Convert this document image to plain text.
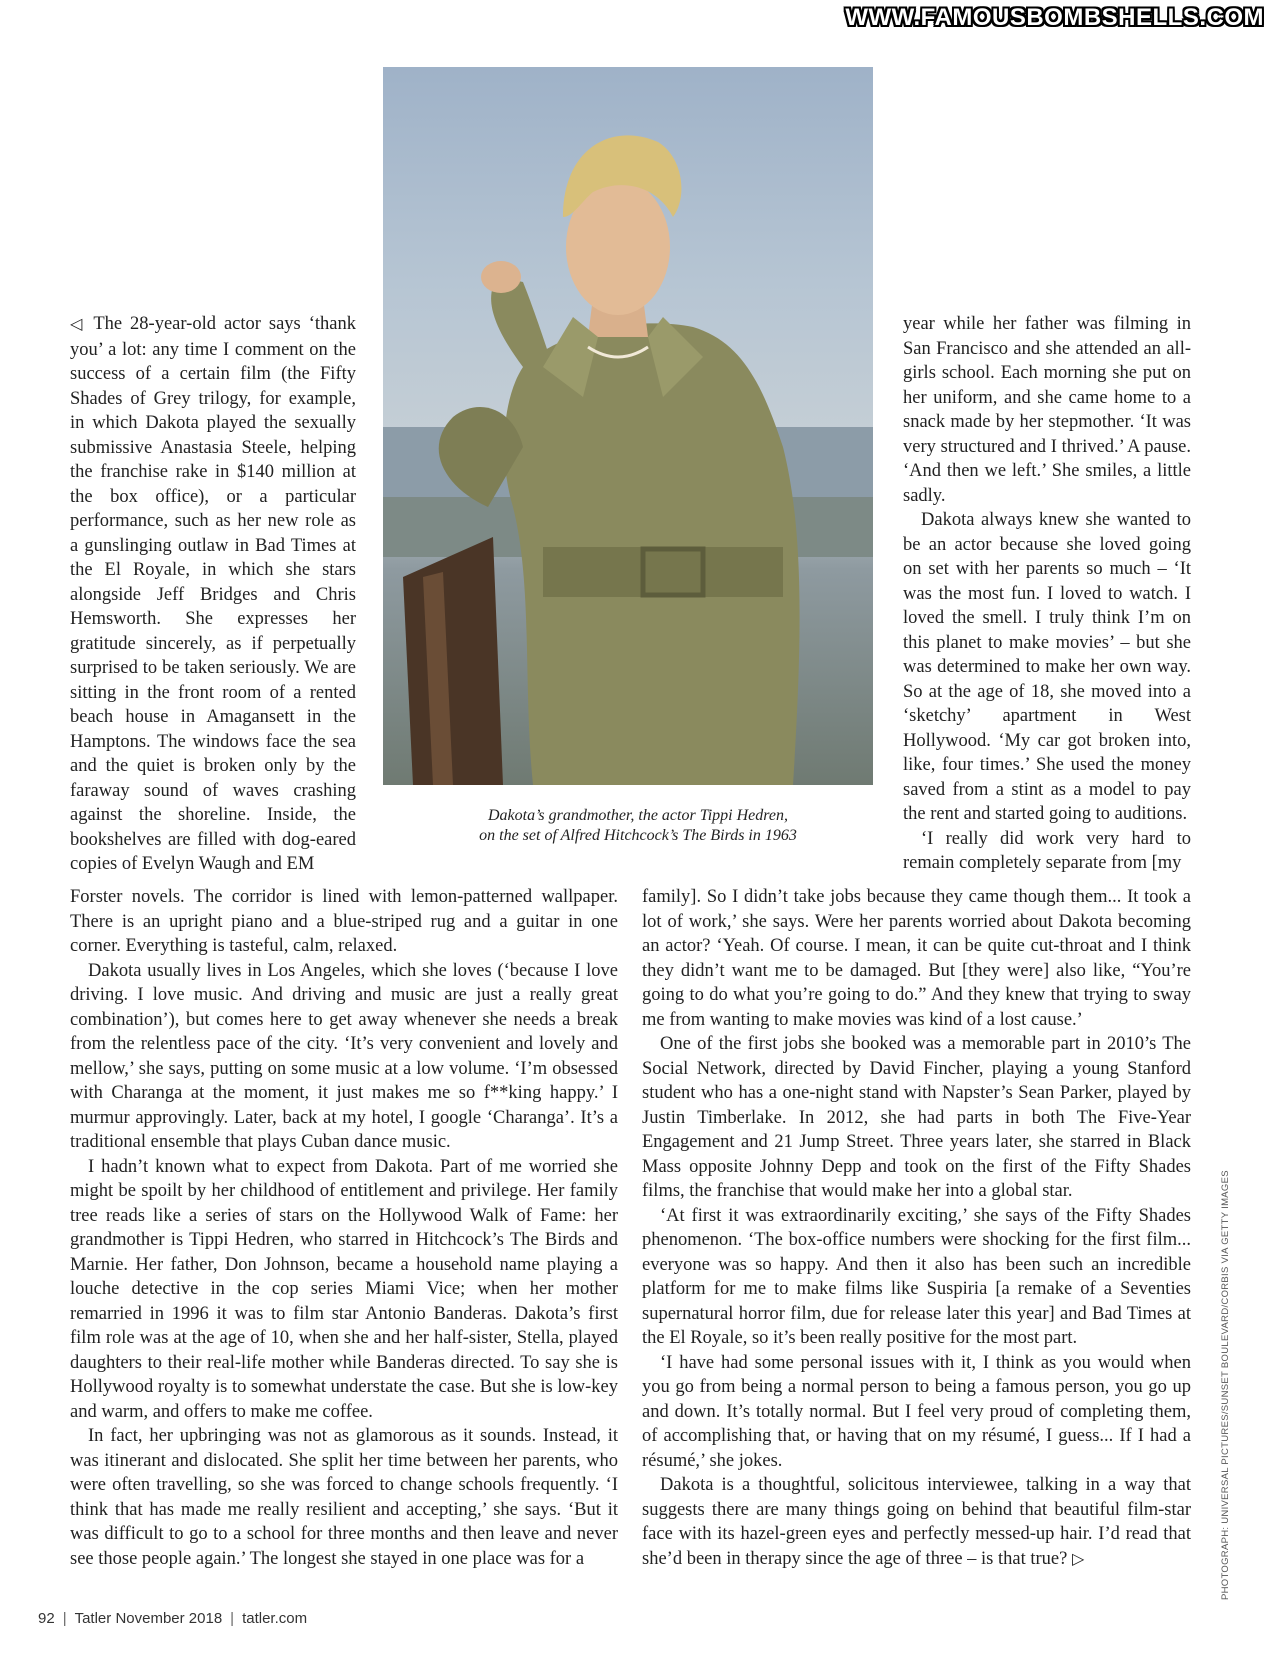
WWW.FAMOUSBOMBSHELLS.COM
Dakota’s grandmother, the actor Tippi Hedren,
on the set of Alfred Hitchcock’s The Birds in 1963

◁ The 28-year-old actor says ‘thank you’ a lot: any time I comment on the success of a certain film (the Fifty Shades of Grey trilogy, for example, in which Dakota played the sexually submissive Anastasia Steele, helping the franchise rake in $140 million at the box office), or a particular performance, such as her new role as a gunslinging outlaw in Bad Times at the El Royale, in which she stars alongside Jeff Bridges and Chris Hemsworth. She expresses her gratitude sincerely, as if perpetually surprised to be taken seriously. We are sitting in the front room of a rented beach house in Amagansett in the Hamptons. The windows face the sea and the quiet is broken only by the faraway sound of waves crashing against the shoreline. Inside, the bookshelves are filled with dog-eared copies of Evelyn Waugh and EM

Forster novels. The corridor is lined with lemon-patterned wallpaper. There is an upright piano and a blue-striped rug and a guitar in one corner. Everything is tasteful, calm, relaxed.

Dakota usually lives in Los Angeles, which she loves (‘because I love driving. I love music. And driving and music are just a really great combination’), but comes here to get away whenever she needs a break from the relentless pace of the city. ‘It’s very convenient and lovely and mellow,’ she says, putting on some music at a low volume. ‘I’m obsessed with Charanga at the moment, it just makes me so f**king happy.’ I murmur approvingly. Later, back at my hotel, I google ‘Charanga’. It’s a traditional ensemble that plays Cuban dance music.

I hadn’t known what to expect from Dakota. Part of me worried she might be spoilt by her childhood of entitlement and privilege. Her family tree reads like a series of stars on the Hollywood Walk of Fame: her grandmother is Tippi Hedren, who starred in Hitchcock’s The Birds and Marnie. Her father, Don Johnson, became a household name playing a louche detective in the cop series Miami Vice; when her mother remarried in 1996 it was to film star Antonio Banderas. Dakota’s first film role was at the age of 10, when she and her half-sister, Stella, played daughters to their real-life mother while Banderas directed. To say she is Hollywood royalty is to somewhat understate the case. But she is low-key and warm, and offers to make me coffee.

In fact, her upbringing was not as glamorous as it sounds. Instead, it was itinerant and dislocated. She split her time between her parents, who were often travelling, so she was forced to change schools frequently. ‘I think that has made me really resilient and accepting,’ she says. ‘But it was difficult to go to a school for three months and then leave and never see those people again.’ The longest she stayed in one place was for a

year while her father was filming in San Francisco and she attended an all-girls school. Each morning she put on her uniform, and she came home to a snack made by her stepmother. ‘It was very structured and I thrived.’ A pause. ‘And then we left.’ She smiles, a little sadly.

Dakota always knew she wanted to be an actor because she loved going on set with her parents so much – ‘It was the most fun. I loved to watch. I loved the smell. I truly think I’m on this planet to make movies’ – but she was determined to make her own way. So at the age of 18, she moved into a ‘sketchy’ apartment in West Hollywood. ‘My car got broken into, like, four times.’ She used the money saved from a stint as a model to pay the rent and started going to auditions.

‘I really did work very hard to remain completely separate from [my

family]. So I didn’t take jobs because they came though them... It took a lot of work,’ she says. Were her parents worried about Dakota becoming an actor? ‘Yeah. Of course. I mean, it can be quite cut-throat and I think they didn’t want me to be damaged. But [they were] also like, “You’re going to do what you’re going to do.” And they knew that trying to sway me from wanting to make movies was kind of a lost cause.’

One of the first jobs she booked was a memorable part in 2010’s The Social Network, directed by David Fincher, playing a young Stanford student who has a one-night stand with Napster’s Sean Parker, played by Justin Timberlake. In 2012, she had parts in both The Five-Year Engagement and 21 Jump Street. Three years later, she starred in Black Mass opposite Johnny Depp and took on the first of the Fifty Shades films, the franchise that would make her into a global star.

‘At first it was extraordinarily exciting,’ she says of the Fifty Shades phenomenon. ‘The box-office numbers were shocking for the first film... everyone was so happy. And then it also has been such an incredible platform for me to make films like Suspiria [a remake of a Seventies supernatural horror film, due for release later this year] and Bad Times at the El Royale, so it’s been really positive for the most part.

‘I have had some personal issues with it, I think as you would when you go from being a normal person to being a famous person, you go up and down. It’s totally normal. But I feel very proud of completing them, of accomplishing that, or having that on my résumé, I guess... If I had a résumé,’ she jokes.

Dakota is a thoughtful, solicitous interviewee, talking in a way that suggests there are many things going on behind that beautiful film-star face with its hazel-green eyes and perfectly messed-up hair. I’d read that she’d been in therapy since the age of three – is that true? ▷

92 | Tatler November 2018 | tatler.com
PHOTOGRAPH: UNIVERSAL PICTURES/SUNSET BOULEVARD/CORBIS VIA GETTY IMAGES
